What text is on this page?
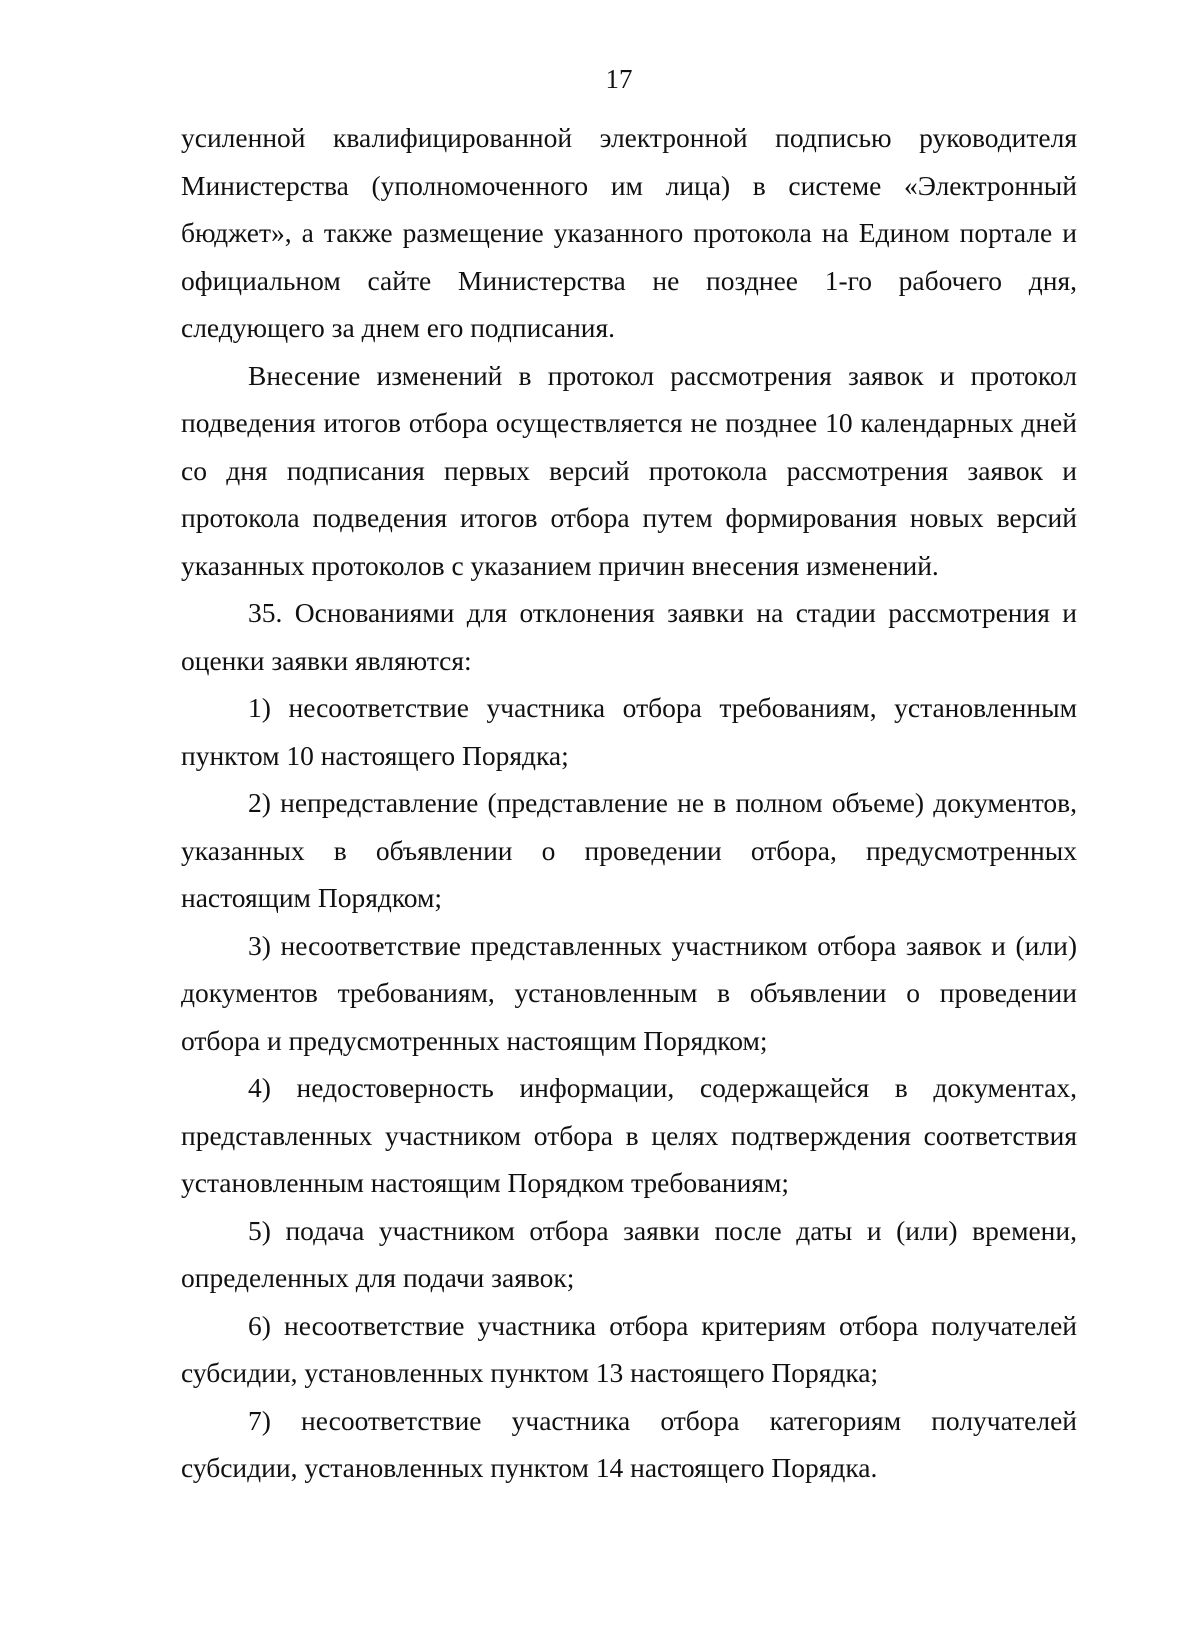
17

усиленной квалифицированной электронной подписью руководителя Министерства (уполномоченного им лица) в системе «Электронный бюджет», а также размещение указанного протокола на Едином портале и официальном сайте Министерства не позднее 1-го рабочего дня, следующего за днем его подписания.

Внесение изменений в протокол рассмотрения заявок и протокол подведения итогов отбора осуществляется не позднее 10 календарных дней со дня подписания первых версий протокола рассмотрения заявок и протокола подведения итогов отбора путем формирования новых версий указанных протоколов с указанием причин внесения изменений.

35. Основаниями для отклонения заявки на стадии рассмотрения и оценки заявки являются:

1) несоответствие участника отбора требованиям, установленным пунктом 10 настоящего Порядка;

2) непредставление (представление не в полном объеме) документов, указанных в объявлении о проведении отбора, предусмотренных настоящим Порядком;

3) несоответствие представленных участником отбора заявок и (или) документов требованиям, установленным в объявлении о проведении отбора и предусмотренных настоящим Порядком;

4) недостоверность информации, содержащейся в документах, представленных участником отбора в целях подтверждения соответствия установленным настоящим Порядком требованиям;

5) подача участником отбора заявки после даты и (или) времени, определенных для подачи заявок;

6) несоответствие участника отбора критериям отбора получателей субсидии, установленных пунктом 13 настоящего Порядка;

7) несоответствие участника отбора категориям получателей субсидии, установленных пунктом 14 настоящего Порядка.
